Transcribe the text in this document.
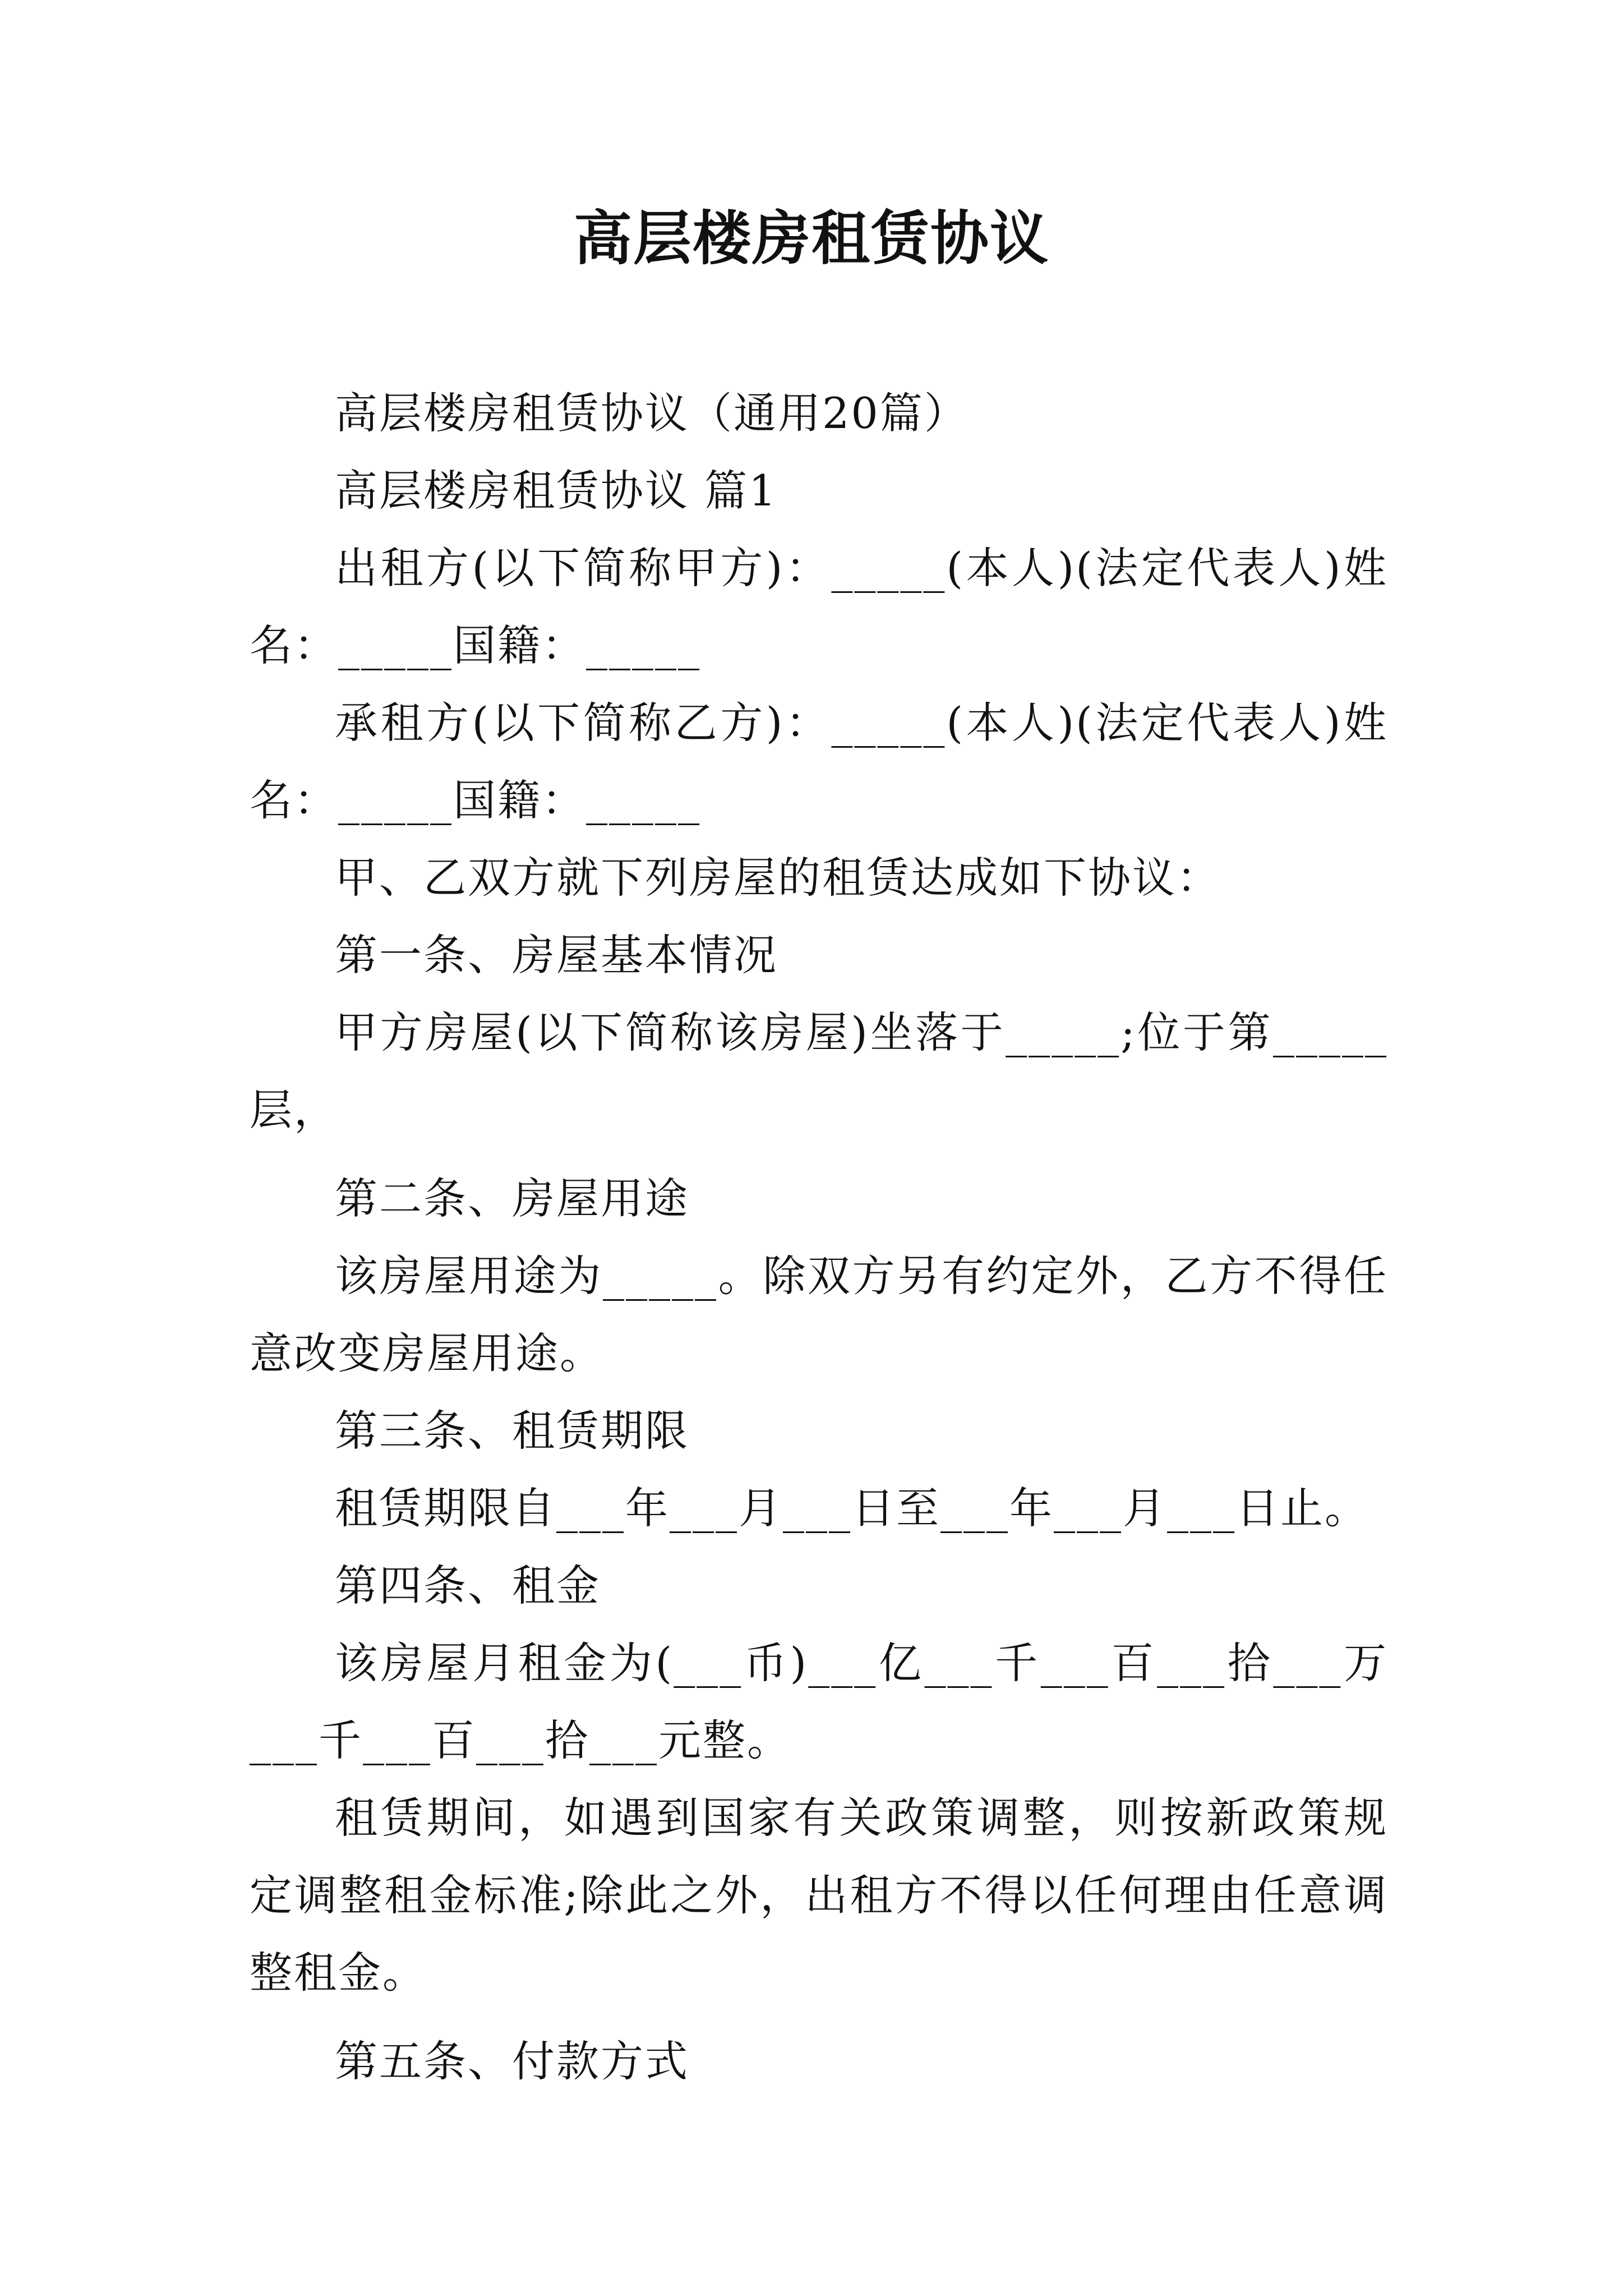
高层楼房租赁协议

高层楼房租赁协议（通用20篇）

高层楼房租赁协议 篇1

出租方(以下简称甲方)：_____(本人)(法定代表人)姓名：_____国籍：_____

承租方(以下简称乙方)：_____(本人)(法定代表人)姓名：_____国籍：_____

甲、乙双方就下列房屋的租赁达成如下协议：

第一条、房屋基本情况

甲方房屋(以下简称该房屋)坐落于_____;位于第_____层，

第二条、房屋用途

该房屋用途为_____。除双方另有约定外，乙方不得任意改变房屋用途。

第三条、租赁期限

租赁期限自___年___月___日至___年___月___日止。

第四条、租金

该房屋月租金为(___币)___亿___千___百___拾___万___千___百___拾___元整。

租赁期间，如遇到国家有关政策调整，则按新政策规定调整租金标准;除此之外，出租方不得以任何理由任意调整租金。

第五条、付款方式
